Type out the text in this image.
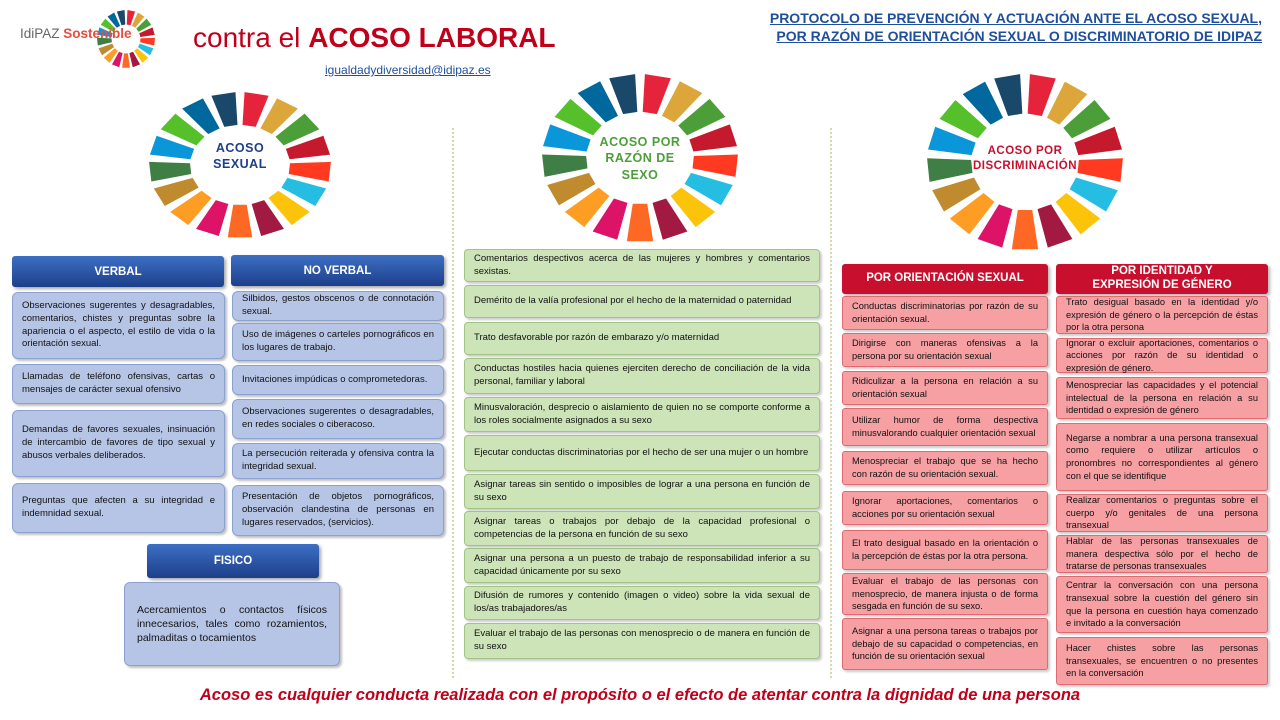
IdiPAZ Sostenible contra el ACOSO LABORAL
igualdadydiversidad@idipaz.es
PROTOCOLO DE PREVENCIÓN Y ACTUACIÓN ANTE EL ACOSO SEXUAL,
POR RAZÓN DE ORIENTACIÓN SEXUAL O DISCRIMINATORIO DE IDIPAZ
ACOSO
SEXUAL
ACOSO POR
RAZÓN DE
SEXO
ACOSO POR
DISCRIMINACIÓN
VERBAL	NO VERBAL
Observaciones sugerentes y desagradables, comentarios, chistes y preguntas sobre la apariencia o el aspecto, el estilo de vida o la orientación sexual.
Llamadas de teléfono ofensivas, cartas o mensajes de carácter sexual ofensivo
Demandas de favores sexuales, insinuación de intercambio de favores de tipo sexual y abusos verbales deliberados.
Preguntas que afecten a su integridad e indemnidad sexual.
Silbidos, gestos obscenos o de connotación sexual.
Uso de imágenes o carteles pornográficos en los lugares de trabajo.
Invitaciones impúdicas o comprometedoras.
Observaciones sugerentes o desagradables, en redes sociales o ciberacoso.
La persecución reiterada y ofensiva contra la integridad sexual.
Presentación de objetos pornográficos, observación clandestina de personas en lugares reservados, (servicios).
FISICO
Acercamientos o contactos físicos innecesarios, tales como rozamientos, palmaditas o tocamientos
Comentarios despectivos acerca de las mujeres y hombres y comentarios sexistas.
Demérito de la valía profesional por el hecho de la maternidad o paternidad
Trato desfavorable por razón de embarazo y/o maternidad
Conductas hostiles hacia quienes ejerciten derecho de conciliación de la vida personal, familiar y laboral
Minusvaloración, desprecio o aislamiento de quien no se comporte conforme a los roles socialmente asignados a su sexo
Ejecutar conductas discriminatorias por el hecho de ser una mujer o un hombre
Asignar tareas sin sentido o imposibles de lograr a una persona en función de su sexo
Asignar tareas o trabajos por debajo de la capacidad profesional o competencias de la persona en función de su sexo
Asignar una persona a un puesto de trabajo de responsabilidad inferior a su capacidad únicamente por su sexo
Difusión de rumores y contenido (imagen o video) sobre la vida sexual de los/as trabajadores/as
Evaluar el trabajo de las personas con menosprecio o de manera en función de su sexo
POR ORIENTACIÓN SEXUAL
POR IDENTIDAD Y
EXPRESIÓN DE GÉNERO
Conductas discriminatorias por razón de su orientación sexual.
Dirigirse con maneras ofensivas a la persona por su orientación sexual
Ridiculizar a la persona en relación a su orientación sexual
Utilizar humor de forma despectiva minusvalorando cualquier orientación sexual
Menospreciar el trabajo que se ha hecho con razón de su orientación sexual.
Ignorar aportaciones, comentarios o acciones por su orientación sexual
El trato desigual basado en la orientación o la percepción de éstas por la otra persona.
Evaluar el trabajo de las personas con menosprecio, de manera injusta o de forma sesgada en función de su sexo.
Asignar a una persona tareas o trabajos por debajo de su capacidad o competencias, en función de su orientación sexual
Trato desigual basado en la identidad y/o expresión de género o la percepción de éstas por la otra persona
Ignorar o excluir aportaciones, comentarios o acciones por razón de su identidad o expresión de género.
Menospreciar las capacidades y el potencial intelectual de la persona en relación a su identidad o expresión de género
Negarse a nombrar a una persona transexual como requiere o utilizar artículos o pronombres no correspondientes al género con el que se identifique
Realizar comentarios o preguntas sobre el cuerpo y/o genitales de una persona transexual
Hablar de las personas transexuales de manera despectiva sólo por el hecho de tratarse de personas transexuales
Centrar la conversación con una persona transexual sobre la cuestión del género sin que la persona en cuestión haya comenzado e invitado a la conversación
Hacer chistes sobre las personas transexuales, se encuentren o no presentes en la conversación
Acoso es cualquier conducta realizada con el propósito o el efecto de atentar contra la dignidad de una persona
